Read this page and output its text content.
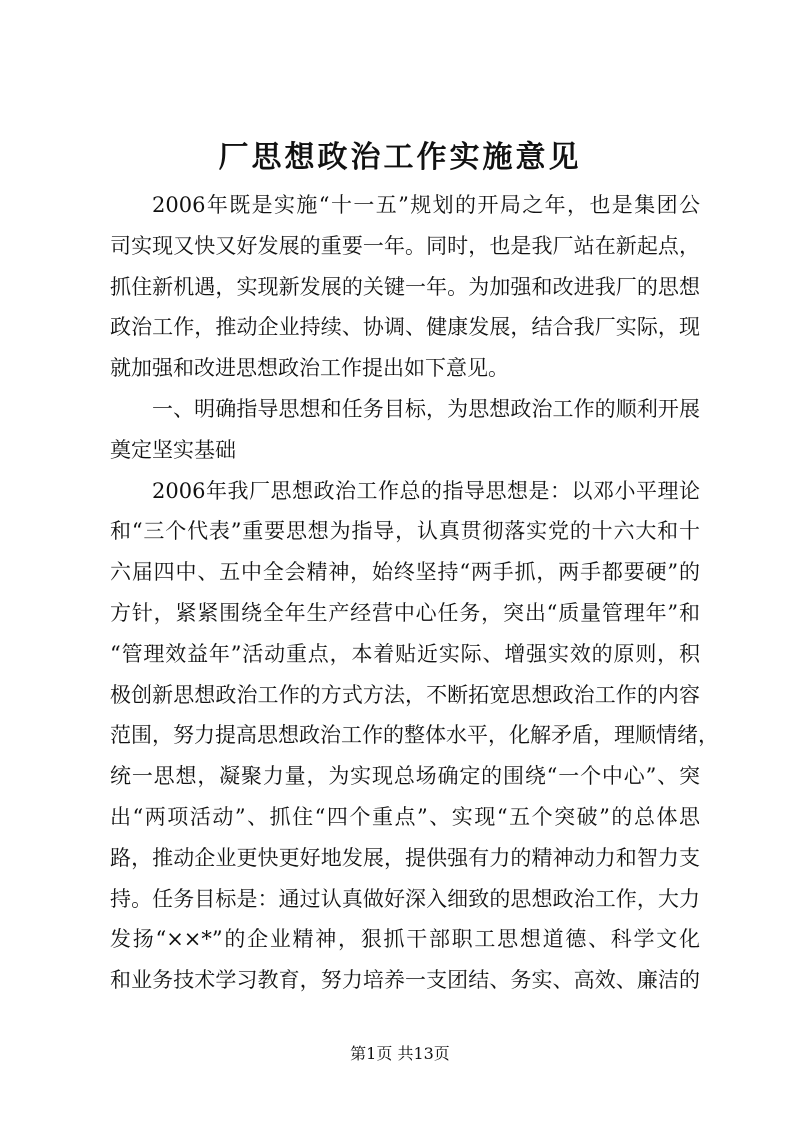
厂思想政治工作实施意见
2006年既是实施“十一五”规划的开局之年，也是集团公
司实现又快又好发展的重要一年。同时，也是我厂站在新起点，
抓住新机遇，实现新发展的关键一年。为加强和改进我厂的思想
政治工作，推动企业持续、协调、健康发展，结合我厂实际，现
就加强和改进思想政治工作提出如下意见。
一、明确指导思想和任务目标，为思想政治工作的顺利开展
奠定坚实基础
2006年我厂思想政治工作总的指导思想是：以邓小平理论
和“三个代表”重要思想为指导，认真贯彻落实党的十六大和十
六届四中、五中全会精神，始终坚持“两手抓，两手都要硬”的
方针，紧紧围绕全年生产经营中心任务，突出“质量管理年”和
“管理效益年”活动重点，本着贴近实际、增强实效的原则，积
极创新思想政治工作的方式方法，不断拓宽思想政治工作的内容
范围，努力提高思想政治工作的整体水平，化解矛盾，理顺情绪，
统一思想，凝聚力量，为实现总场确定的围绕“一个中心”、突
出“两项活动”、抓住“四个重点”、实现“五个突破”的总体思
路，推动企业更快更好地发展，提供强有力的精神动力和智力支
持。任务目标是：通过认真做好深入细致的思想政治工作，大力
发扬“××*”的企业精神，狠抓干部职工思想道德、科学文化
和业务技术学习教育，努力培养一支团结、务实、高效、廉洁的
第1页 共13页
